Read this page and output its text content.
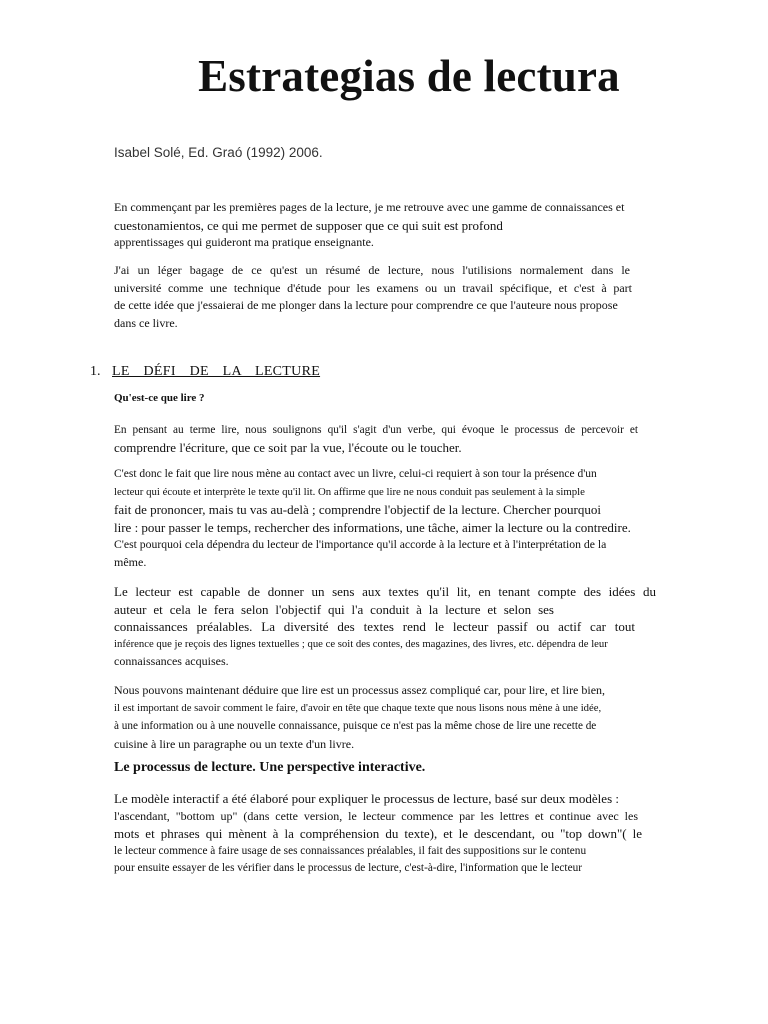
Estrategias de lectura
Isabel Solé, Ed. Graó (1992) 2006.
En commençant par les premières pages de la lecture, je me retrouve avec une gamme de connaissances et
cuestonamientos, ce qui me permet de supposer que ce qui suit est profond
apprentissages qui guideront ma pratique enseignante.
J'ai un léger bagage de ce qu'est un résumé de lecture, nous l'utilisions normalement dans le
université comme une technique d'étude pour les examens ou un travail spécifique, et c'est à part
de cette idée que j'essaierai de me plonger dans la lecture pour comprendre ce que l'auteure nous propose
dans ce livre.
1. LE DÉFI DE LA LECTURE
Qu'est-ce que lire ?
En pensant au terme lire, nous soulignons qu'il s'agit d'un verbe, qui évoque le processus de percevoir et
comprendre l'écriture, que ce soit par la vue, l'écoute ou le toucher.
C'est donc le fait que lire nous mène au contact avec un livre, celui-ci requiert à son tour la présence d'un
lecteur qui écoute et interprète le texte qu'il lit. On affirme que lire ne nous conduit pas seulement à la simple
fait de prononcer, mais tu vas au-delà ; comprendre l'objectif de la lecture. Chercher pourquoi
lire : pour passer le temps, rechercher des informations, une tâche, aimer la lecture ou la contredire.
C'est pourquoi cela dépendra du lecteur de l'importance qu'il accorde à la lecture et à l'interprétation de la
même.
Le lecteur est capable de donner un sens aux textes qu'il lit, en tenant compte des idées du
auteur et cela le fera selon l'objectif qui l'a conduit à la lecture et selon ses
connaissances préalables. La diversité des textes rend le lecteur passif ou actif car tout
inférence que je reçois des lignes textuelles ; que ce soit des contes, des magazines, des livres, etc. dépendra de leur
connaissances acquises.
Nous pouvons maintenant déduire que lire est un processus assez compliqué car, pour lire, et lire bien,
il est important de savoir comment le faire, d'avoir en tête que chaque texte que nous lisons nous mène à une idée,
à une information ou à une nouvelle connaissance, puisque ce n'est pas la même chose de lire une recette de
cuisine à lire un paragraphe ou un texte d'un livre.
Le processus de lecture. Une perspective interactive.
Le modèle interactif a été élaboré pour expliquer le processus de lecture, basé sur deux modèles :
l'ascendant, "bottom up" (dans cette version, le lecteur commence par les lettres et continue avec les
mots et phrases qui mènent à la compréhension du texte), et le descendant, ou "top down"( le
le lecteur commence à faire usage de ses connaissances préalables, il fait des suppositions sur le contenu
pour ensuite essayer de les vérifier dans le processus de lecture, c'est-à-dire, l'information que le lecteur
